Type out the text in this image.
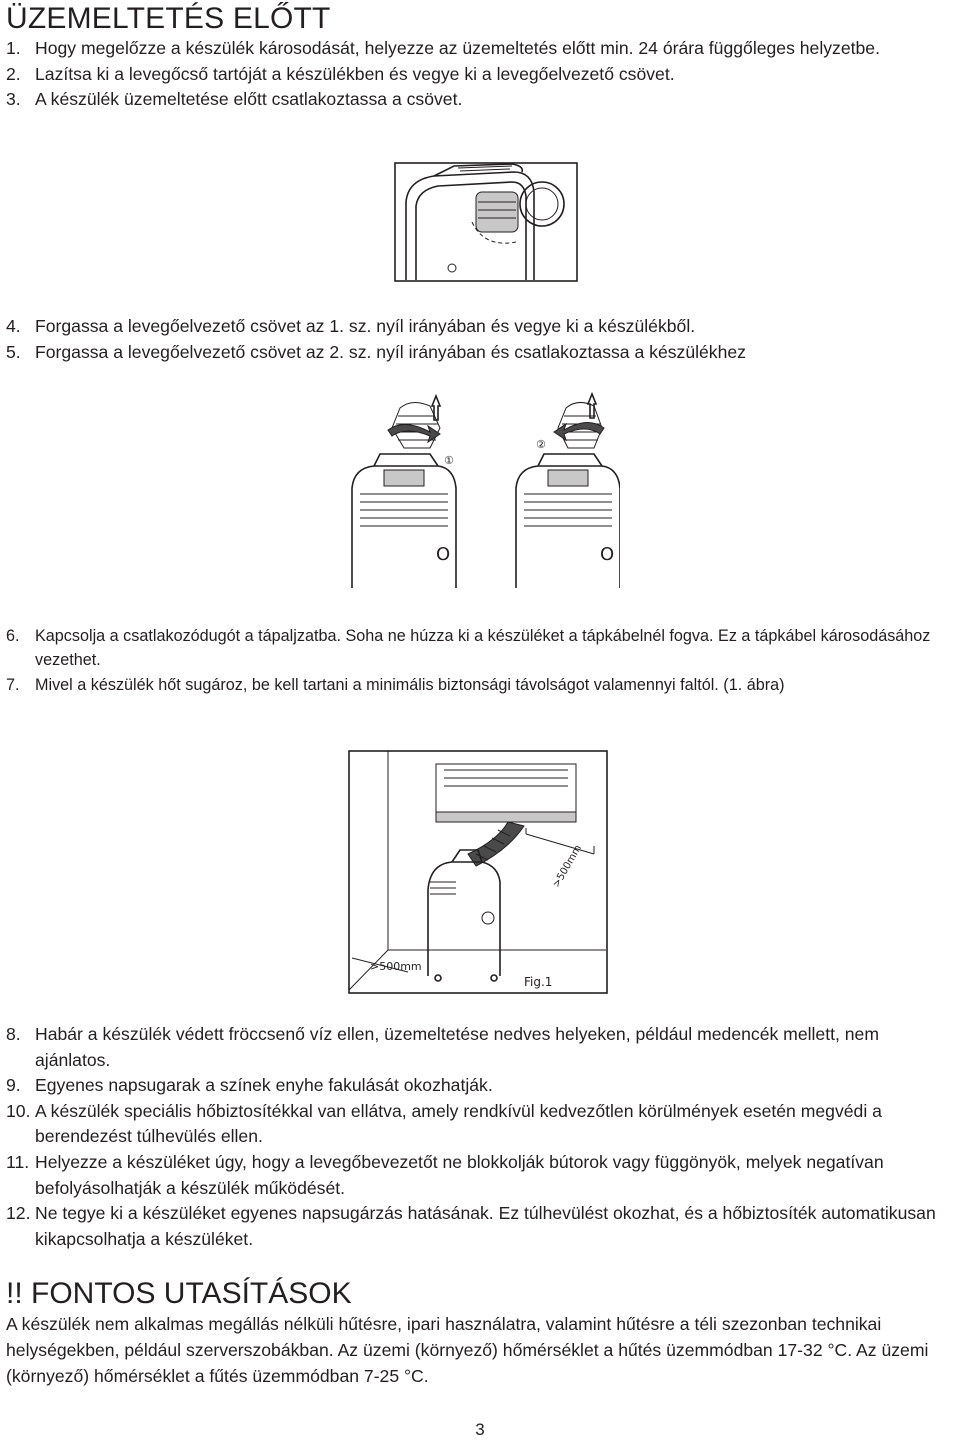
ÜZEMELTETÉS ELŐTT
1. Hogy megelőzze a készülék károsodását, helyezze az üzemeltetés előtt min. 24 órára függőleges helyzetbe.
2. Lazítsa ki a levegőcső tartóját a készülékben és vegye ki a levegőelvezető csövet.
3. A készülék üzemeltetése előtt csatlakoztassa a csövet.
4. Forgassa a levegőelvezető csövet az 1. sz. nyíl irányában és vegye ki a készülékből.
5. Forgassa a levegőelvezető csövet az 2. sz. nyíl irányában és csatlakoztassa a készülékhez
①
O
②
O
6. Kapcsolja a csatlakozódugót a tápaljzatba. Soha ne húzza ki a készüléket a tápkábelnél fogva. Ez a tápkábel károsodásához vezethet.
7. Mivel a készülék hőt sugároz, be kell tartani a minimális biztonsági távolságot valamennyi faltól. (1. ábra)
>500mm
>500mm
Fig.1
8. Habár a készülék védett fröccsenő víz ellen, üzemeltetése nedves helyeken, például medencék mellett, nem ajánlatos.
9. Egyenes napsugarak a színek enyhe fakulását okozhatják.
10. A készülék speciális hőbiztosítékkal van ellátva, amely rendkívül kedvezőtlen körülmények esetén megvédi a berendezést túlhevülés ellen.
11. Helyezze a készüléket úgy, hogy a levegőbevezetőt ne blokkolják bútorok vagy függönyök, melyek negatívan befolyásolhatják a készülék működését.
12. Ne tegye ki a készüléket egyenes napsugárzás hatásának. Ez túlhevülést okozhat, és a hőbiztosíték automatikusan kikapcsolhatja a készüléket.
!! FONTOS UTASÍTÁSOK

A készülék nem alkalmas megállás nélküli hűtésre, ipari használatra, valamint hűtésre a téli szezonban technikai helységekben, például szerverszobákban. Az üzemi (környező) hőmérséklet a hűtés üzemmódban 17-32 °C. Az üzemi (környező) hőmérséklet a fűtés üzemmódban 7-25 °C.

3
